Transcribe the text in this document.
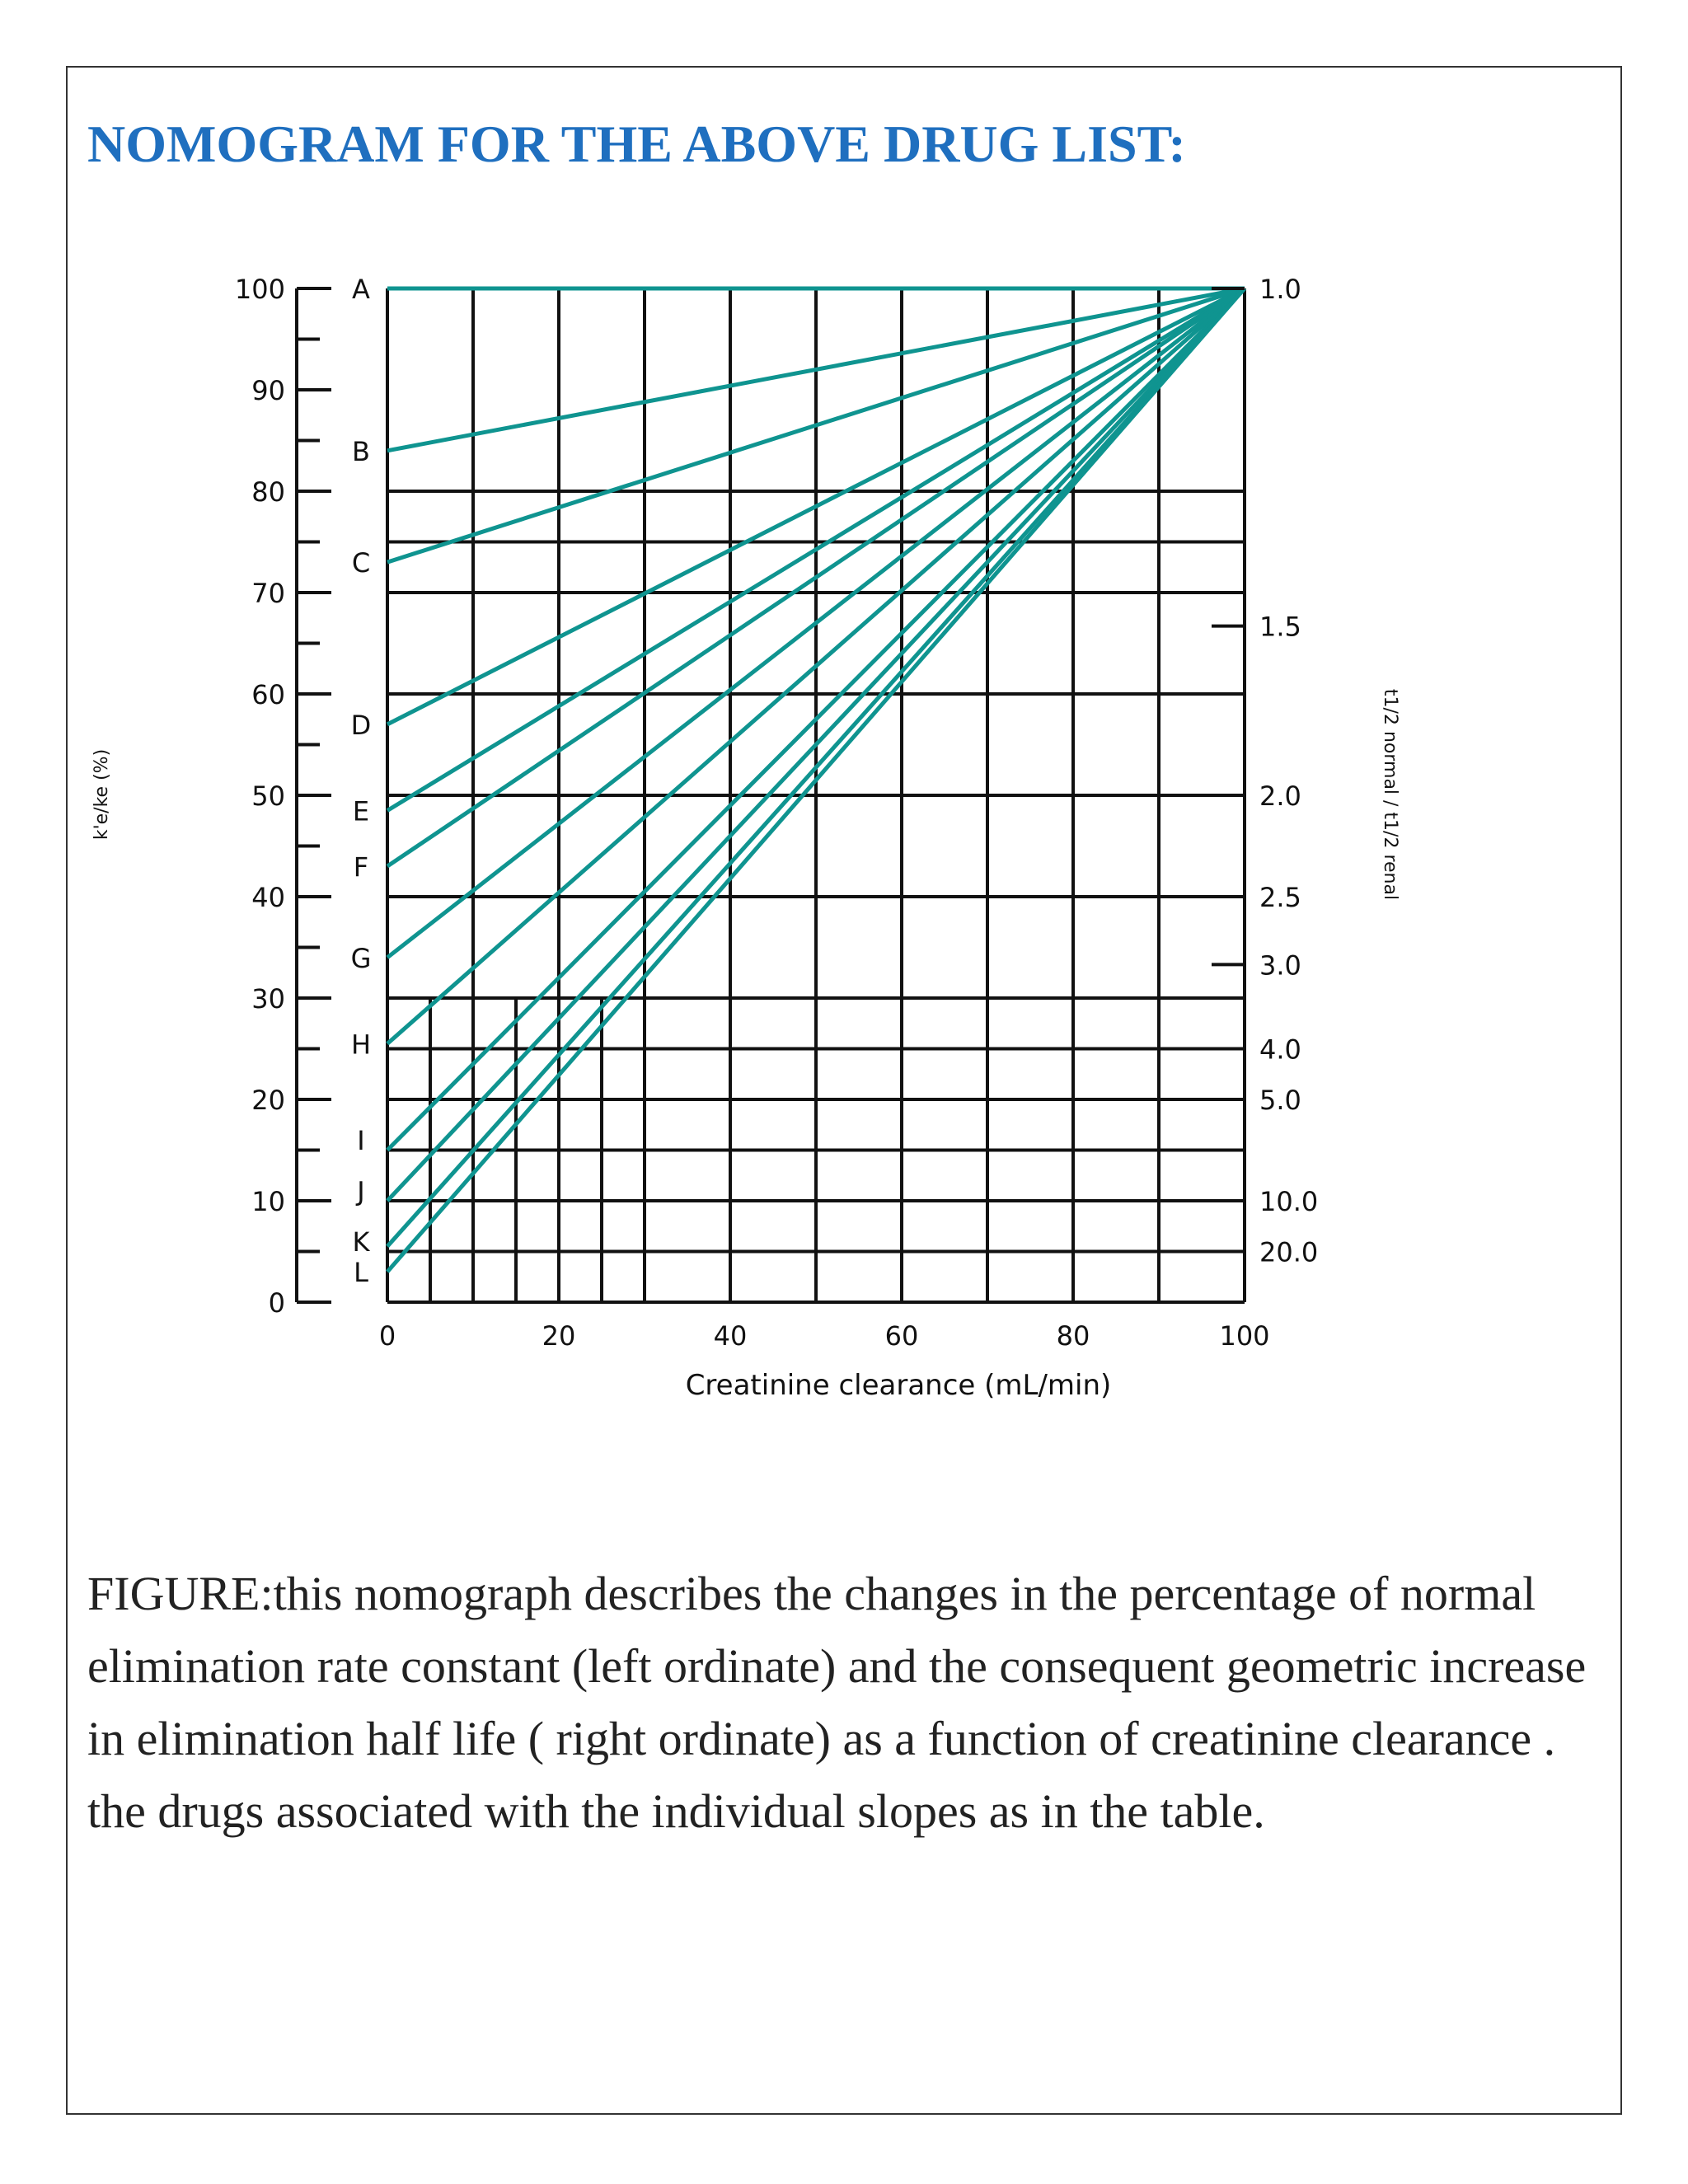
NOMOGRAM FOR THE ABOVE DRUG LIST:
0
10
20
30
40
50
60
70
80
90
100	A
B
C
D
E
F
G
H
I
J
K
L
0	20	40	60	80	100
1.0
1.5
2.0
2.5
3.0
4.0
5.0
10.0
20.0
Creatinine clearance (mL/min)
k'e/ke (%)	t1/2 normal / t1/2 renal

FIGURE:this nomograph describes the changes in the percentage of normal elimination rate constant (left ordinate) and the consequent geometric increase in elimination half life ( right ordinate) as a function of creatinine clearance . the drugs associated with the individual slopes as in the table.
